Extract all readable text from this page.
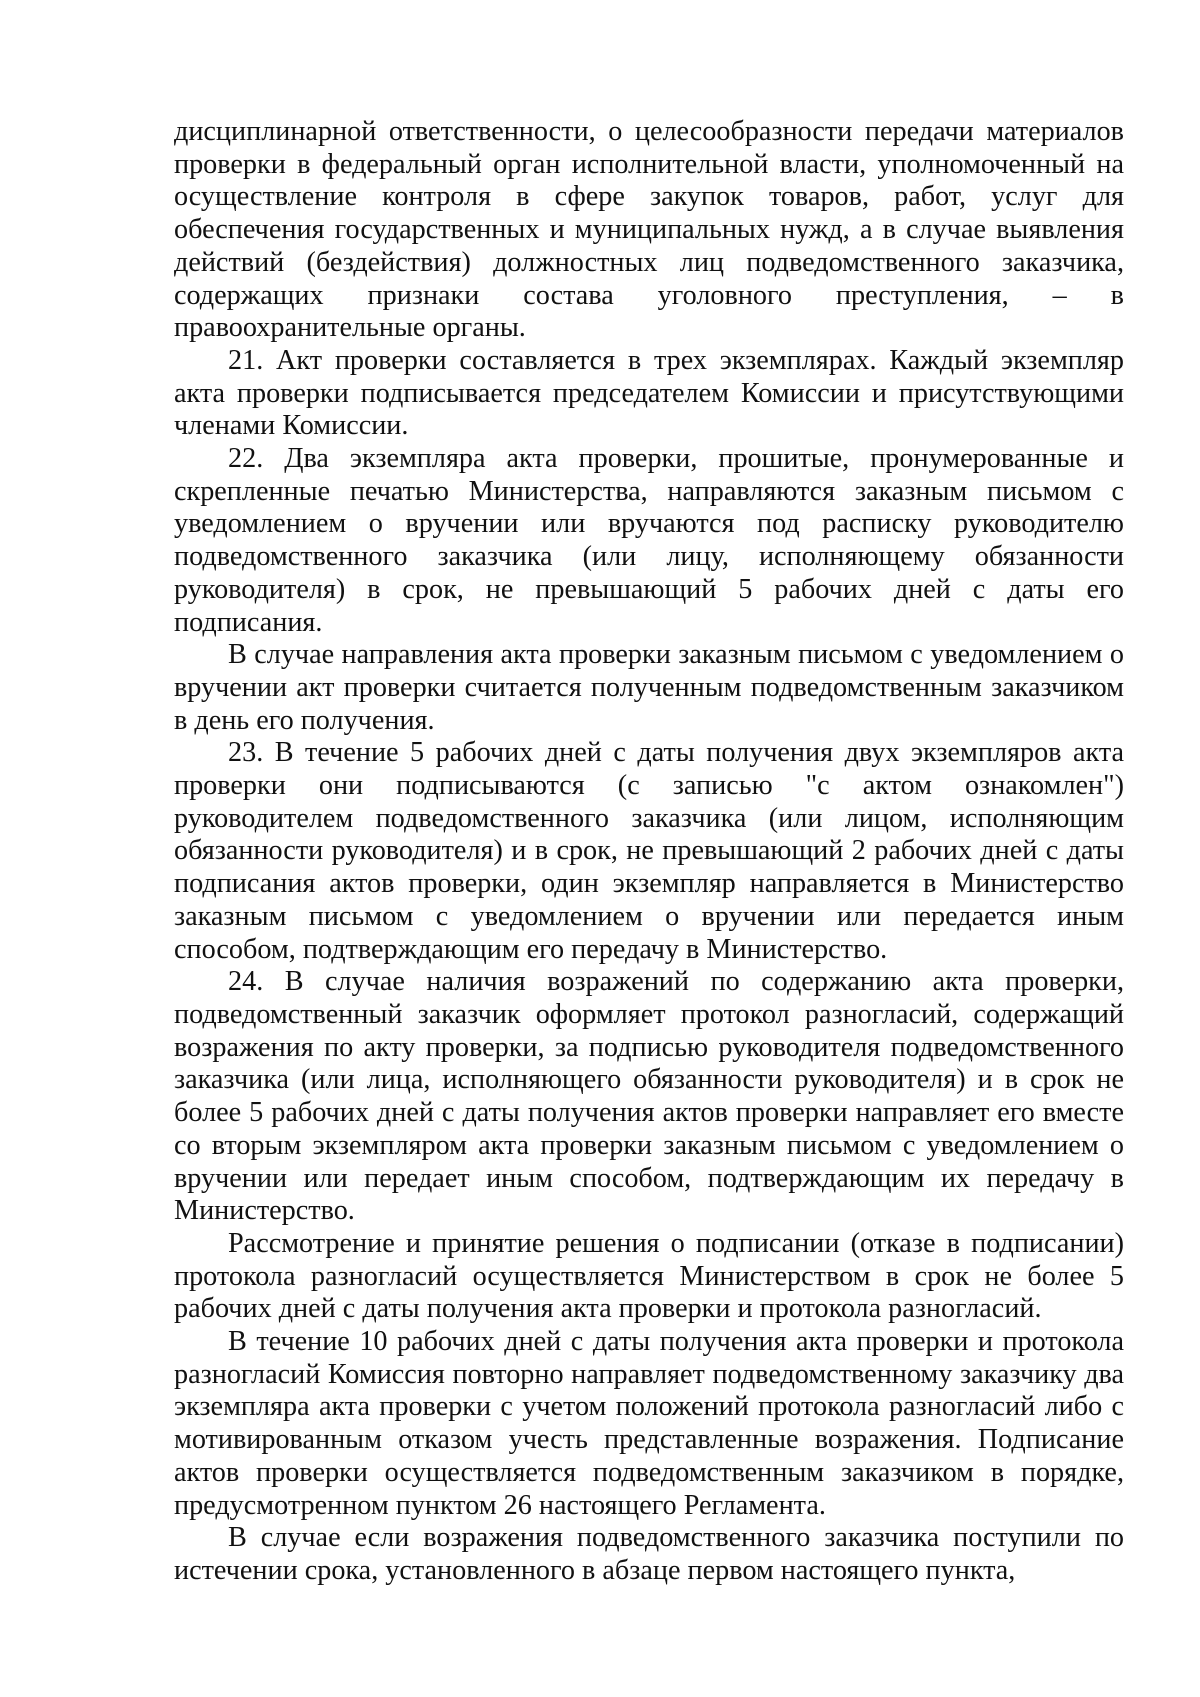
дисциплинарной ответственности, о целесообразности передачи материалов проверки в федеральный орган исполнительной власти, уполномоченный на осуществление контроля в сфере закупок товаров, работ, услуг для обеспечения государственных и муниципальных нужд, а в случае выявления действий (бездействия) должностных лиц подведомственного заказчика, содержащих признаки состава уголовного преступления, – в правоохранительные органы.

21. Акт проверки составляется в трех экземплярах. Каждый экземпляр акта проверки подписывается председателем Комиссии и присутствующими членами Комиссии.

22. Два экземпляра акта проверки, прошитые, пронумерованные и скрепленные печатью Министерства, направляются заказным письмом с уведомлением о вручении или вручаются под расписку руководителю подведомственного заказчика (или лицу, исполняющему обязанности руководителя) в срок, не превышающий 5 рабочих дней с даты его подписания.

В случае направления акта проверки заказным письмом с уведомлением о вручении акт проверки считается полученным подведомственным заказчиком в день его получения.

23. В течение 5 рабочих дней с даты получения двух экземпляров акта проверки они подписываются (с записью "с актом ознакомлен") руководителем подведомственного заказчика (или лицом, исполняющим обязанности руководителя) и в срок, не превышающий 2 рабочих дней с даты подписания актов проверки, один экземпляр направляется в Министерство заказным письмом с уведомлением о вручении или передается иным способом, подтверждающим его передачу в Министерство.

24. В случае наличия возражений по содержанию акта проверки, подведомственный заказчик оформляет протокол разногласий, содержащий возражения по акту проверки, за подписью руководителя подведомственного заказчика (или лица, исполняющего обязанности руководителя) и в срок не более 5 рабочих дней с даты получения актов проверки направляет его вместе со вторым экземпляром акта проверки заказным письмом с уведомлением о вручении или передает иным способом, подтверждающим их передачу в Министерство.

Рассмотрение и принятие решения о подписании (отказе в подписании) протокола разногласий осуществляется Министерством в срок не более 5 рабочих дней с даты получения акта проверки и протокола разногласий.

В течение 10 рабочих дней с даты получения акта проверки и протокола разногласий Комиссия повторно направляет подведомственному заказчику два экземпляра акта проверки с учетом положений протокола разногласий либо с мотивированным отказом учесть представленные возражения. Подписание актов проверки осуществляется подведомственным заказчиком в порядке, предусмотренном пунктом 26 настоящего Регламента.

В случае если возражения подведомственного заказчика поступили по истечении срока, установленного в абзаце первом настоящего пункта,
